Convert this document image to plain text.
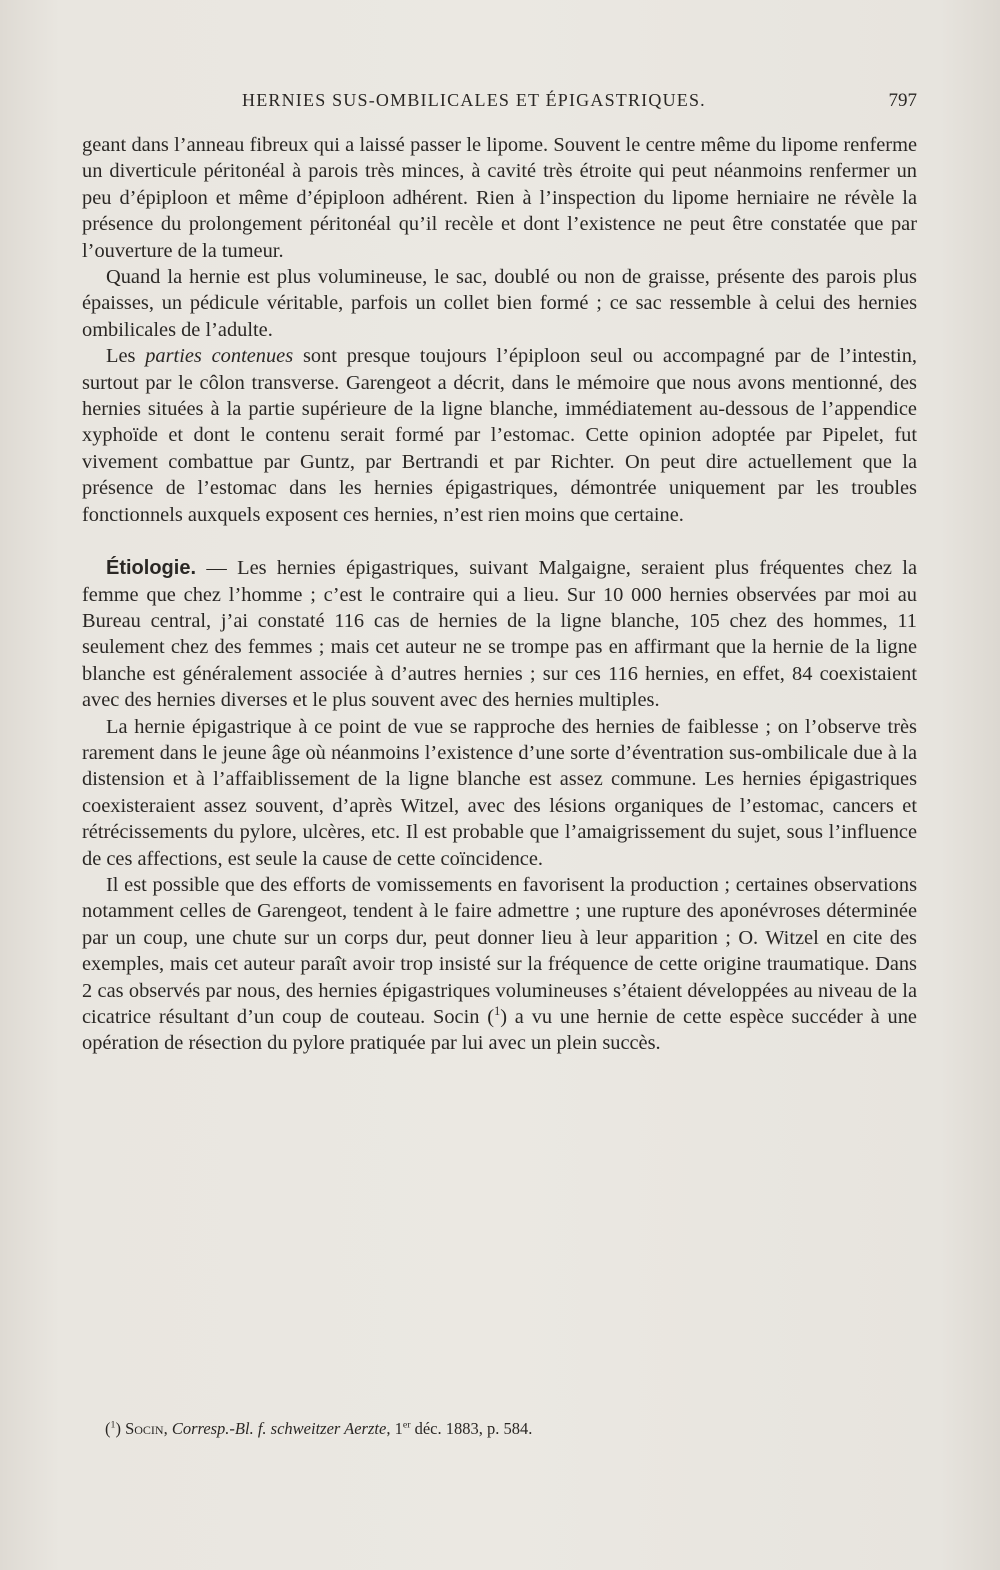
HERNIES SUS-OMBILICALES ET ÉPIGASTRIQUES.	797

geant dans l’anneau fibreux qui a laissé passer le lipome. Souvent le centre même du lipome renferme un diverticule péritonéal à parois très minces, à cavité très étroite qui peut néanmoins renfermer un peu d’épiploon et même d’épiploon adhérent. Rien à l’inspection du lipome herniaire ne révèle la présence du prolongement péritonéal qu’il recèle et dont l’existence ne peut être constatée que par l’ouverture de la tumeur.

Quand la hernie est plus volumineuse, le sac, doublé ou non de graisse, présente des parois plus épaisses, un pédicule véritable, parfois un collet bien formé ; ce sac ressemble à celui des hernies ombilicales de l’adulte.

Les parties contenues sont presque toujours l’épiploon seul ou accompagné par de l’intestin, surtout par le côlon transverse. Garengeot a décrit, dans le mémoire que nous avons mentionné, des hernies situées à la partie supérieure de la ligne blanche, immédiatement au-dessous de l’appendice xyphoïde et dont le contenu serait formé par l’estomac. Cette opinion adoptée par Pipelet, fut vivement combattue par Guntz, par Bertrandi et par Richter. On peut dire actuellement que la présence de l’estomac dans les hernies épigastriques, démontrée uniquement par les troubles fonctionnels auxquels exposent ces hernies, n’est rien moins que certaine.

Étiologie. — Les hernies épigastriques, suivant Malgaigne, seraient plus fréquentes chez la femme que chez l’homme ; c’est le contraire qui a lieu. Sur 10 000 hernies observées par moi au Bureau central, j’ai constaté 116 cas de hernies de la ligne blanche, 105 chez des hommes, 11 seulement chez des femmes ; mais cet auteur ne se trompe pas en affirmant que la hernie de la ligne blanche est généralement associée à d’autres hernies ; sur ces 116 hernies, en effet, 84 coexistaient avec des hernies diverses et le plus souvent avec des hernies multiples.

La hernie épigastrique à ce point de vue se rapproche des hernies de faiblesse ; on l’observe très rarement dans le jeune âge où néanmoins l’existence d’une sorte d’éventration sus-ombilicale due à la distension et à l’affaiblissement de la ligne blanche est assez commune. Les hernies épigastriques coexisteraient assez souvent, d’après Witzel, avec des lésions organiques de l’estomac, cancers et rétrécissements du pylore, ulcères, etc. Il est probable que l’amaigrissement du sujet, sous l’influence de ces affections, est seule la cause de cette coïncidence.

Il est possible que des efforts de vomissements en favorisent la production ; certaines observations notamment celles de Garengeot, tendent à le faire admettre ; une rupture des aponévroses déterminée par un coup, une chute sur un corps dur, peut donner lieu à leur apparition ; O. Witzel en cite des exemples, mais cet auteur paraît avoir trop insisté sur la fréquence de cette origine traumatique. Dans 2 cas observés par nous, des hernies épigastriques volumineuses s’étaient développées au niveau de la cicatrice résultant d’un coup de couteau. Socin ($^1$) a vu une hernie de cette espèce succéder à une opération de résection du pylore pratiquée par lui avec un plein succès.

($^1$) Socin, Corresp.-Bl. f. schweitzer Aerzte, 1er déc. 1883, p. 584.
